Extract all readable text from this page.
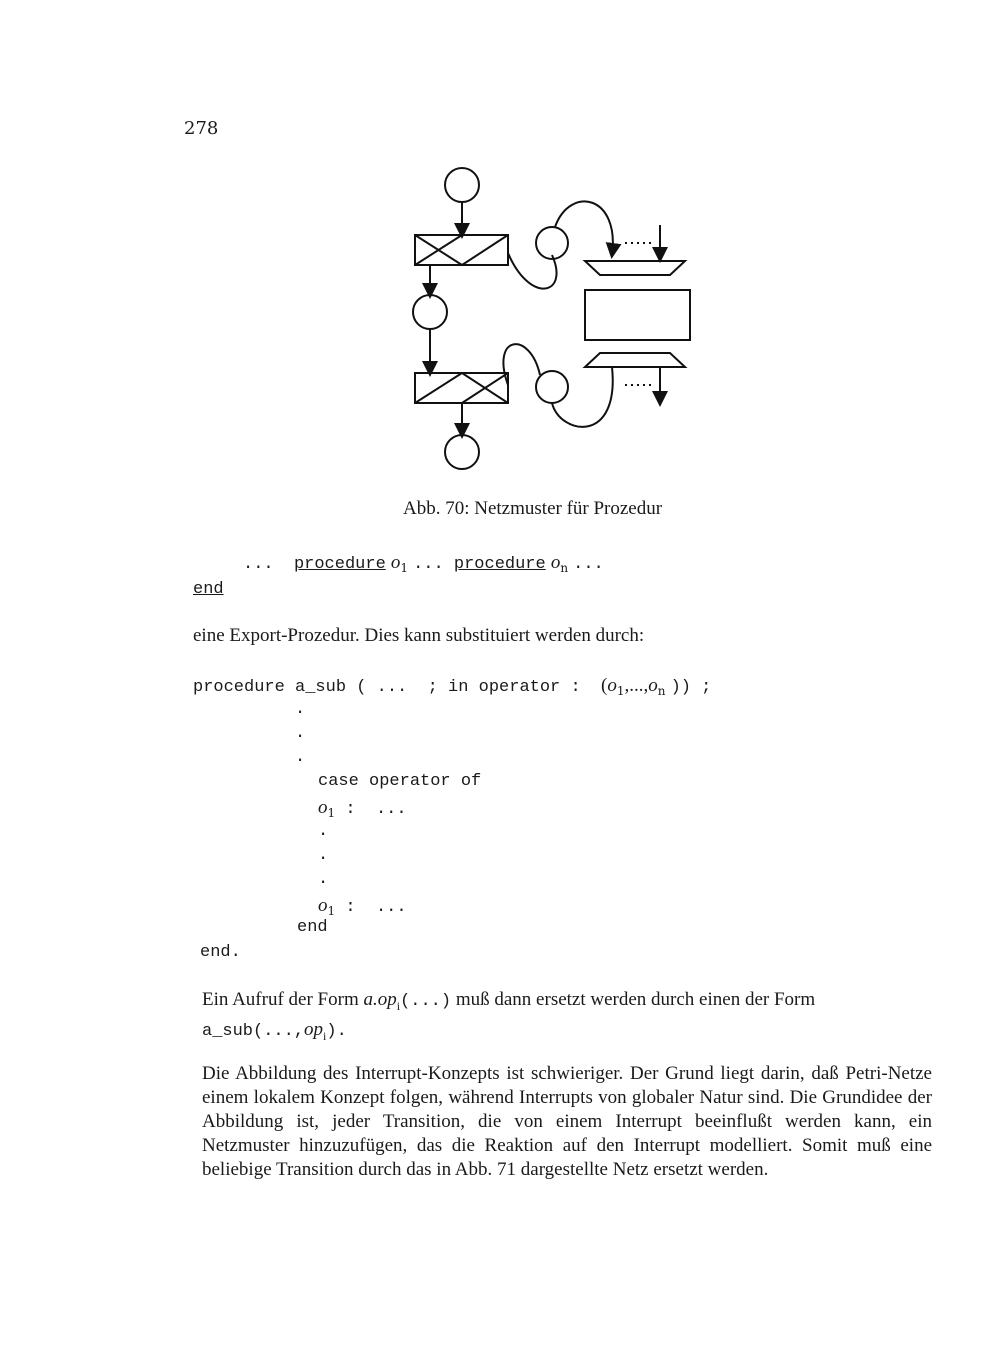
278
Abb. 70: Netzmuster für Prozedur
... procedure $o_1$ ... procedure $o_n$ ...
end
eine Export-Prozedur. Dies kann substituiert werden durch:
procedure a_sub ( ...  ; in operator : ($o_1,...,o_n$ )) ;
.
.
.
case operator of
$o_1$ :  ...
.
.
.
$o_1$ :  ...
end
end.
Ein Aufruf der Form $a.op_i(...)$ muß dann ersetzt werden durch einen der Form
$a\_sub(...,op_i)$.
Die Abbildung des Interrupt-Konzepts ist schwieriger. Der Grund liegt darin, daß Petri-Netze einem lokalem Konzept folgen, während Interrupts von globaler Natur sind. Die Grundidee der Abbildung ist, jeder Transition, die von einem Interrupt beeinflußt werden kann, ein Netzmuster hinzuzufügen, das die Reaktion auf den Interrupt modelliert. Somit muß eine beliebige Transition durch das in Abb. 71 dargestellte Netz ersetzt werden.
